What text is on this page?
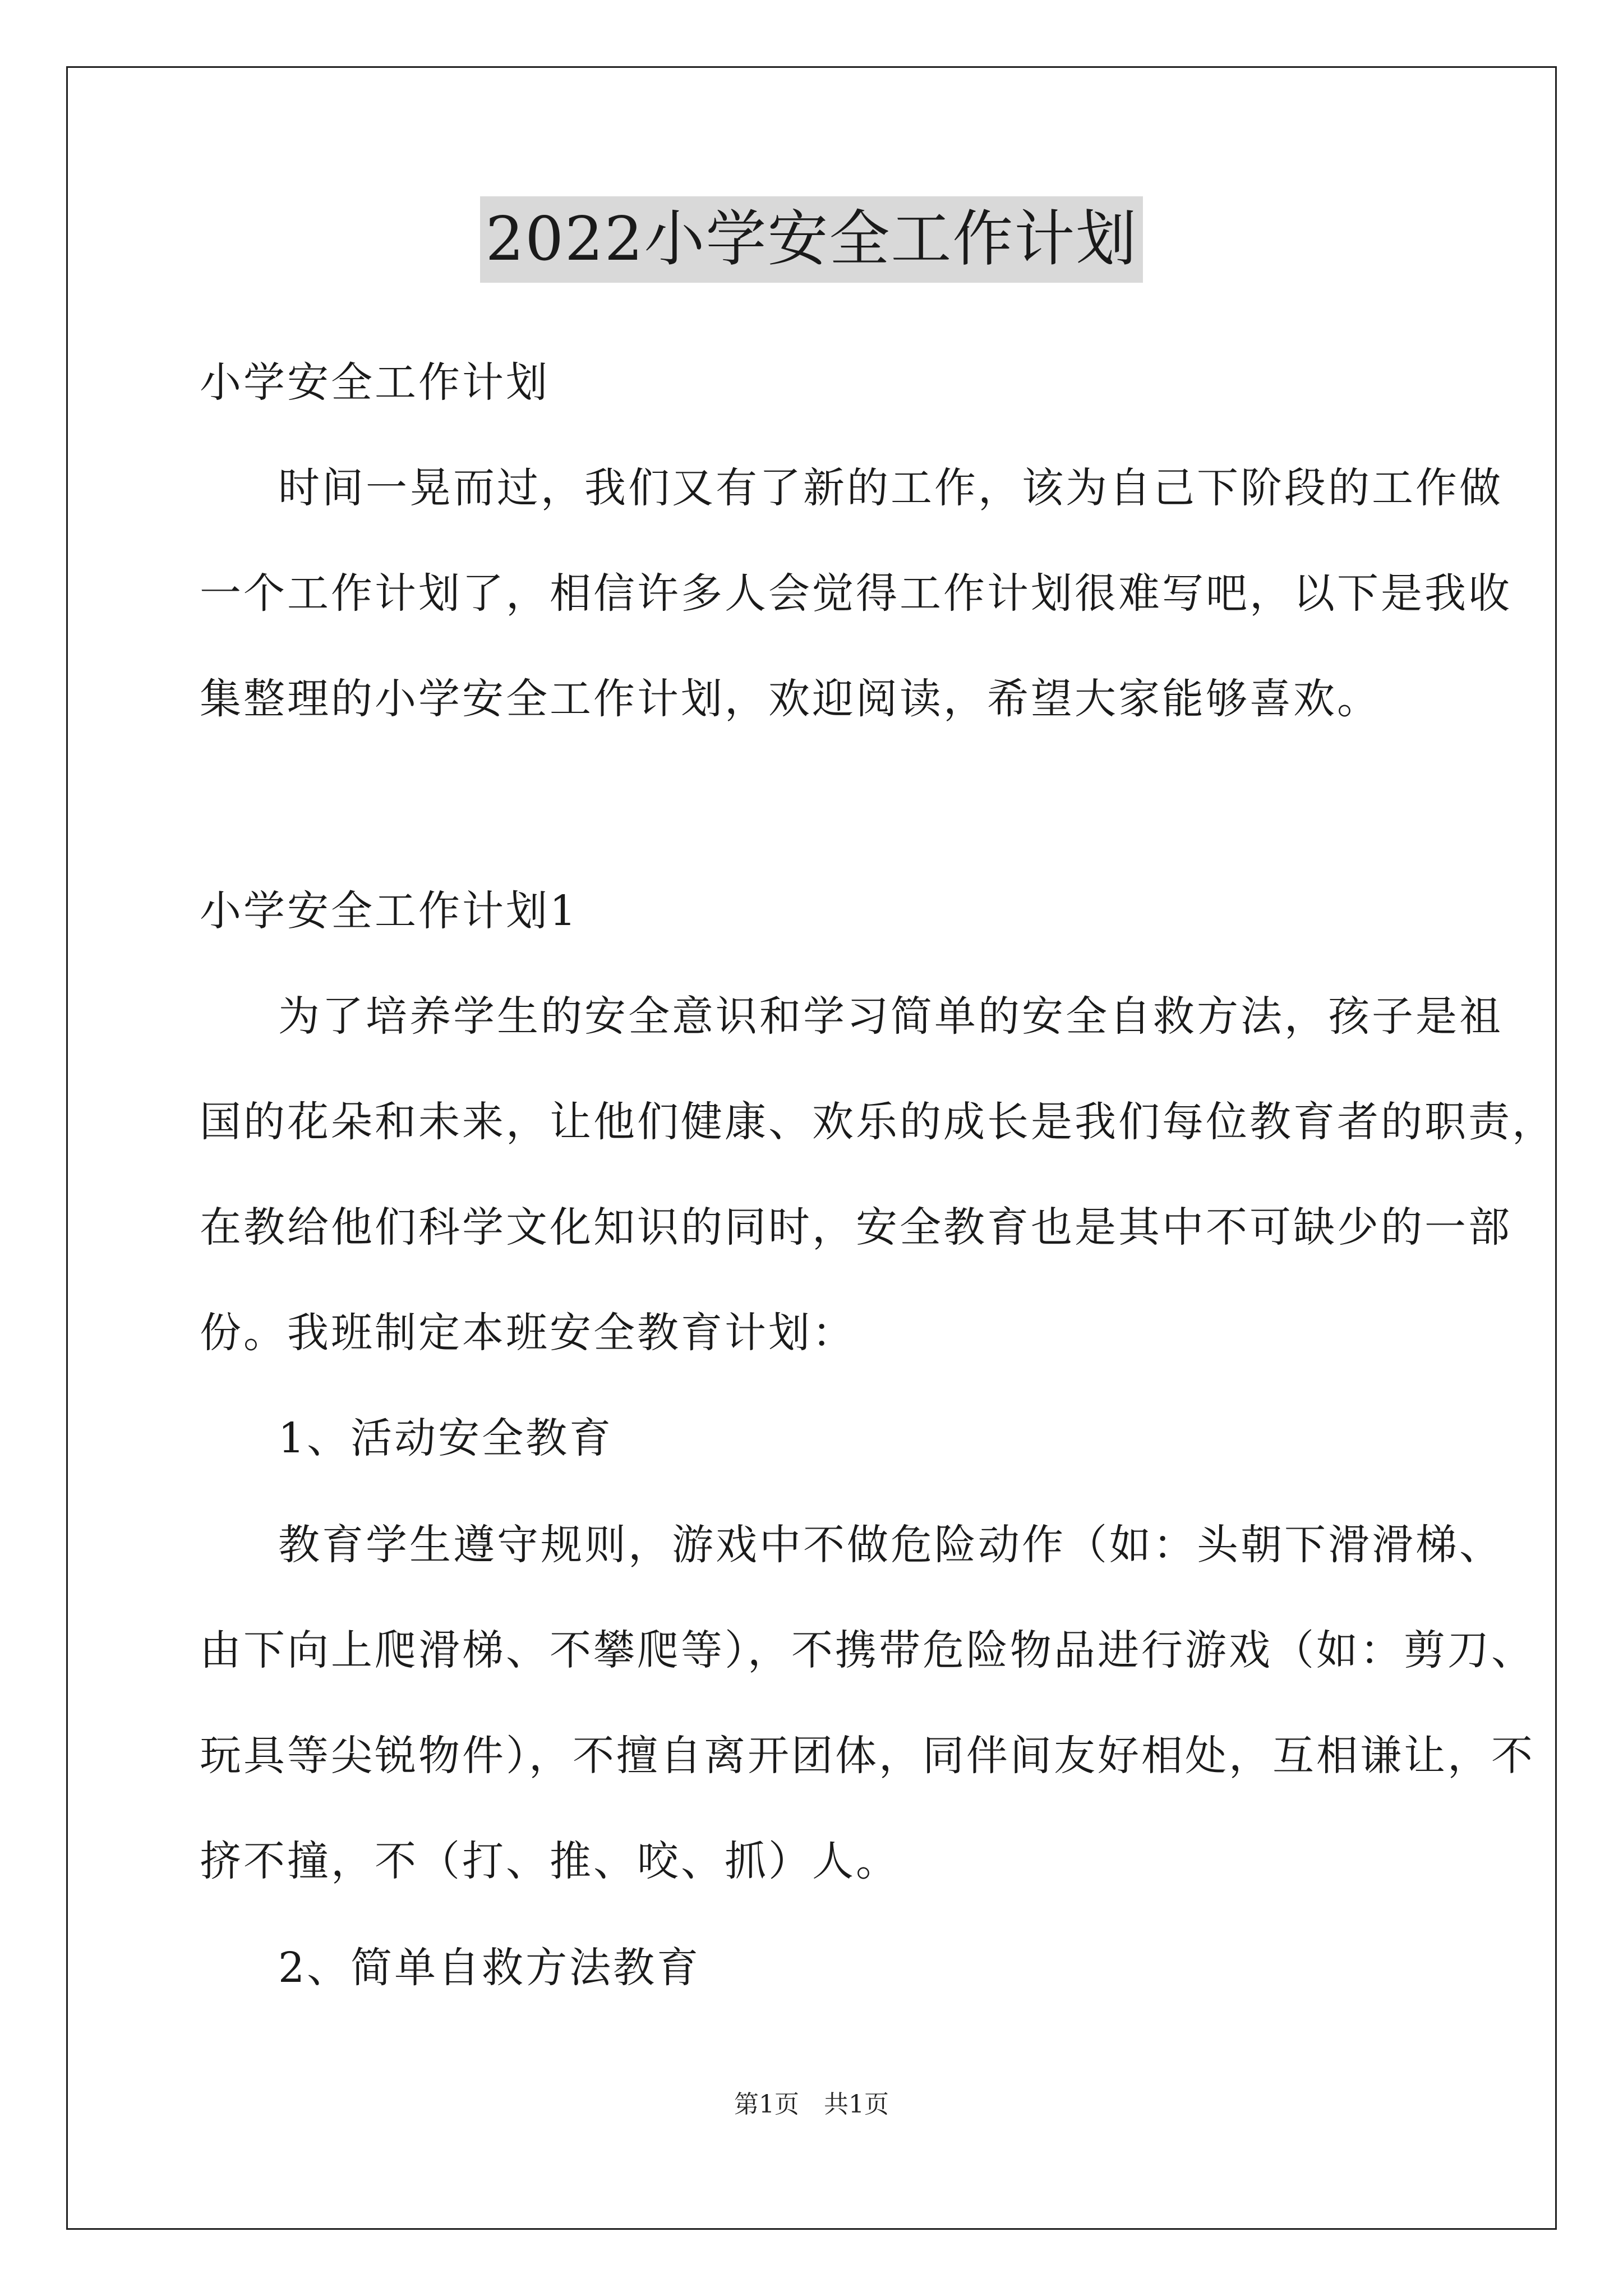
2022小学安全工作计划
小学安全工作计划
时间一晃而过，我们又有了新的工作，该为自己下阶段的工作做
一个工作计划了，相信许多人会觉得工作计划很难写吧，以下是我收
集整理的小学安全工作计划，欢迎阅读，希望大家能够喜欢。
小学安全工作计划1
为了培养学生的安全意识和学习简单的安全自救方法，孩子是祖
国的花朵和未来，让他们健康、欢乐的成长是我们每位教育者的职责，
在教给他们科学文化知识的同时，安全教育也是其中不可缺少的一部
份。我班制定本班安全教育计划：
1、活动安全教育
教育学生遵守规则，游戏中不做危险动作（如：头朝下滑滑梯、
由下向上爬滑梯、不攀爬等），不携带危险物品进行游戏（如：剪刀、
玩具等尖锐物件），不擅自离开团体，同伴间友好相处，互相谦让，不
挤不撞，不（打、推、咬、抓）人。
2、简单自救方法教育
第1页 共1页
